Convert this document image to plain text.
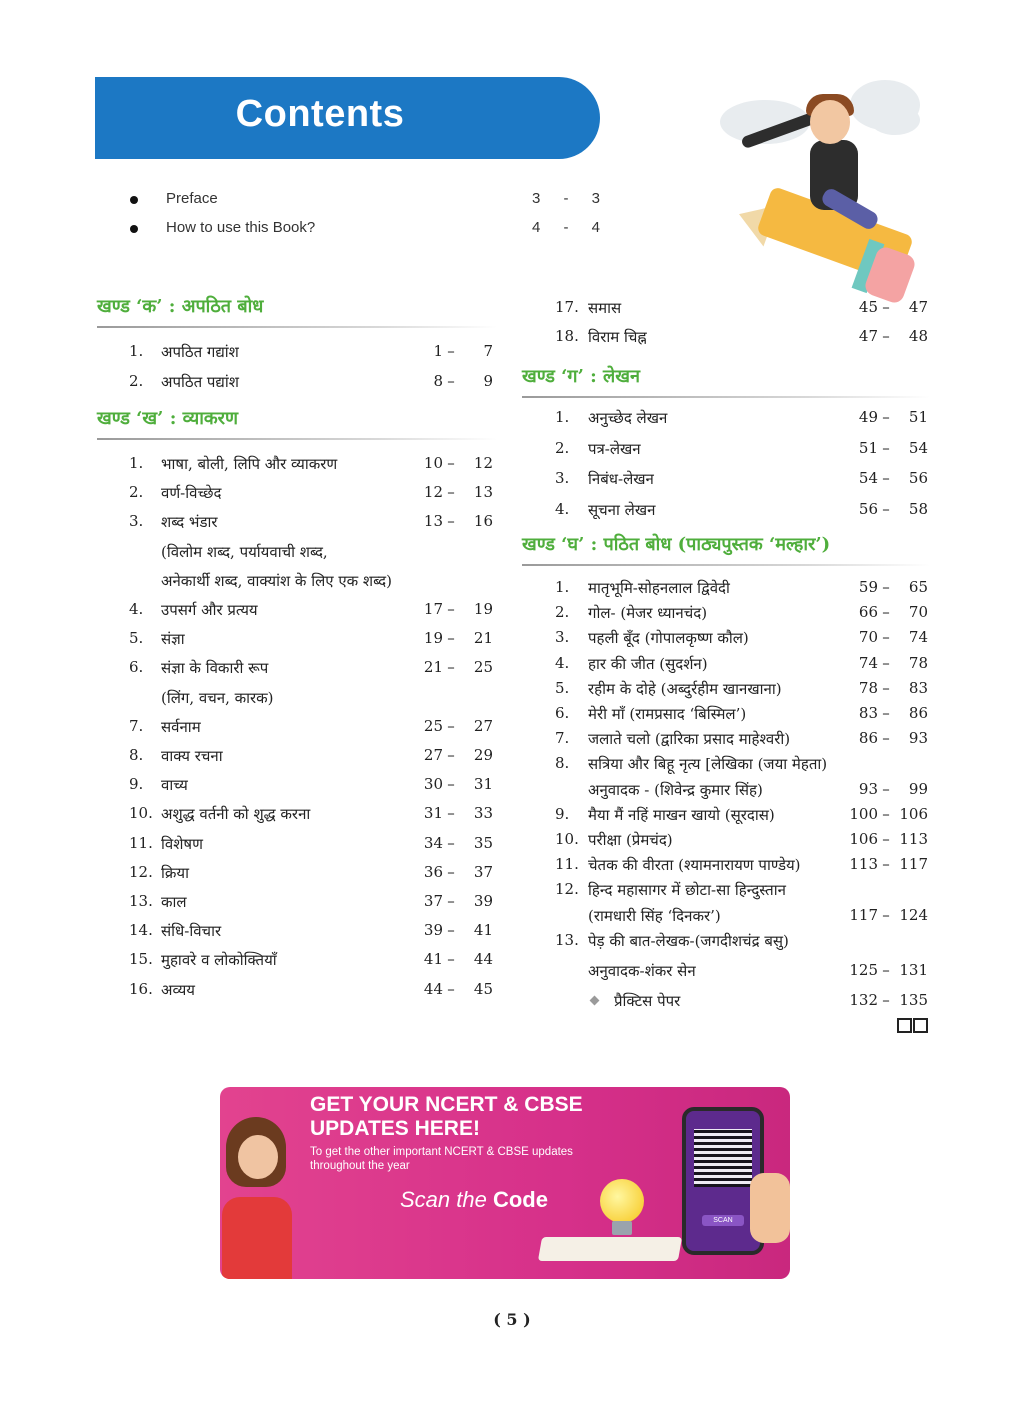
Contents
Preface	3 - 3
How to use this Book?	4 - 4
खण्ड ‘क’ : अपठित बोध
1. अपठित गद्यांश	1 –	7
2. अपठित पद्यांश	8 –	9
खण्ड ‘ख’ : व्याकरण
1. भाषा, बोली, लिपि और व्याकरण	10 –	12
2. वर्ण-विच्छेद	12 –	13
3. शब्द भंडार	13 –	16
(विलोम शब्द, पर्यायवाची शब्द,
अनेकार्थी शब्द, वाक्यांश के लिए एक शब्द)
4. उपसर्ग और प्रत्यय	17 –	19
5. संज्ञा	19 –	21
6. संज्ञा के विकारी रूप	21 –	25
(लिंग, वचन, कारक)
7. सर्वनाम	25 –	27
8. वाक्य रचना	27 –	29
9. वाच्य	30 –	31
10. अशुद्ध वर्तनी को शुद्ध करना	31 –	33
11. विशेषण	34 –	35
12. क्रिया	36 –	37
13. काल	37 –	39
14. संधि-विचार	39 –	41
15. मुहावरे व लोकोक्तियाँ	41 –	44
16. अव्यय	44 –	45
17. समास	45 –	47
18. विराम चिह्न	47 –	48
खण्ड ‘ग’ : लेखन
1. अनुच्छेद लेखन	49 –	51
2. पत्र-लेखन	51 –	54
3. निबंध-लेखन	54 –	56
4. सूचना लेखन	56 –	58
खण्ड ‘घ’ : पठित बोध (पाठ्यपुस्तक ‘मल्हार’)
1. मातृभूमि-सोहनलाल द्विवेदी	59 –	65
2. गोल- (मेजर ध्यानचंद)	66 –	70
3. पहली बूँद (गोपालकृष्ण कौल)	70 –	74
4. हार की जीत (सुदर्शन)	74 –	78
5. रहीम के दोहे (अब्दुर्रहीम खानखाना)	78 –	83
6. मेरी माँ (रामप्रसाद ‘बिस्मिल’)	83 –	86
7. जलाते चलो (द्वारिका प्रसाद माहेश्वरी)	86 –	93
8. सत्रिया और बिहू नृत्य [लेखिका (जया मेहता)
अनुवादक - (शिवेन्द्र कुमार सिंह)	93 –	99
9. मैया मैं नहिं माखन खायो (सूरदास)	100 – 106
10. परीक्षा (प्रेमचंद)	106 – 113
11. चेतक की वीरता (श्यामनारायण पाण्डेय)	113 – 117
12. हिन्द महासागर में छोटा-सा हिन्दुस्तान
(रामधारी सिंह ‘दिनकर’)	117 – 124
13. पेड़ की बात-लेखक-(जगदीशचंद्र बसु)
अनुवादक-शंकर सेन	125 – 131
प्रैक्टिस पेपर	132 – 135
GET YOUR NCERT & CBSE UPDATES HERE!
To get the other important NCERT & CBSE updates throughout the year
Scan the Code
SCAN
( 5 )
